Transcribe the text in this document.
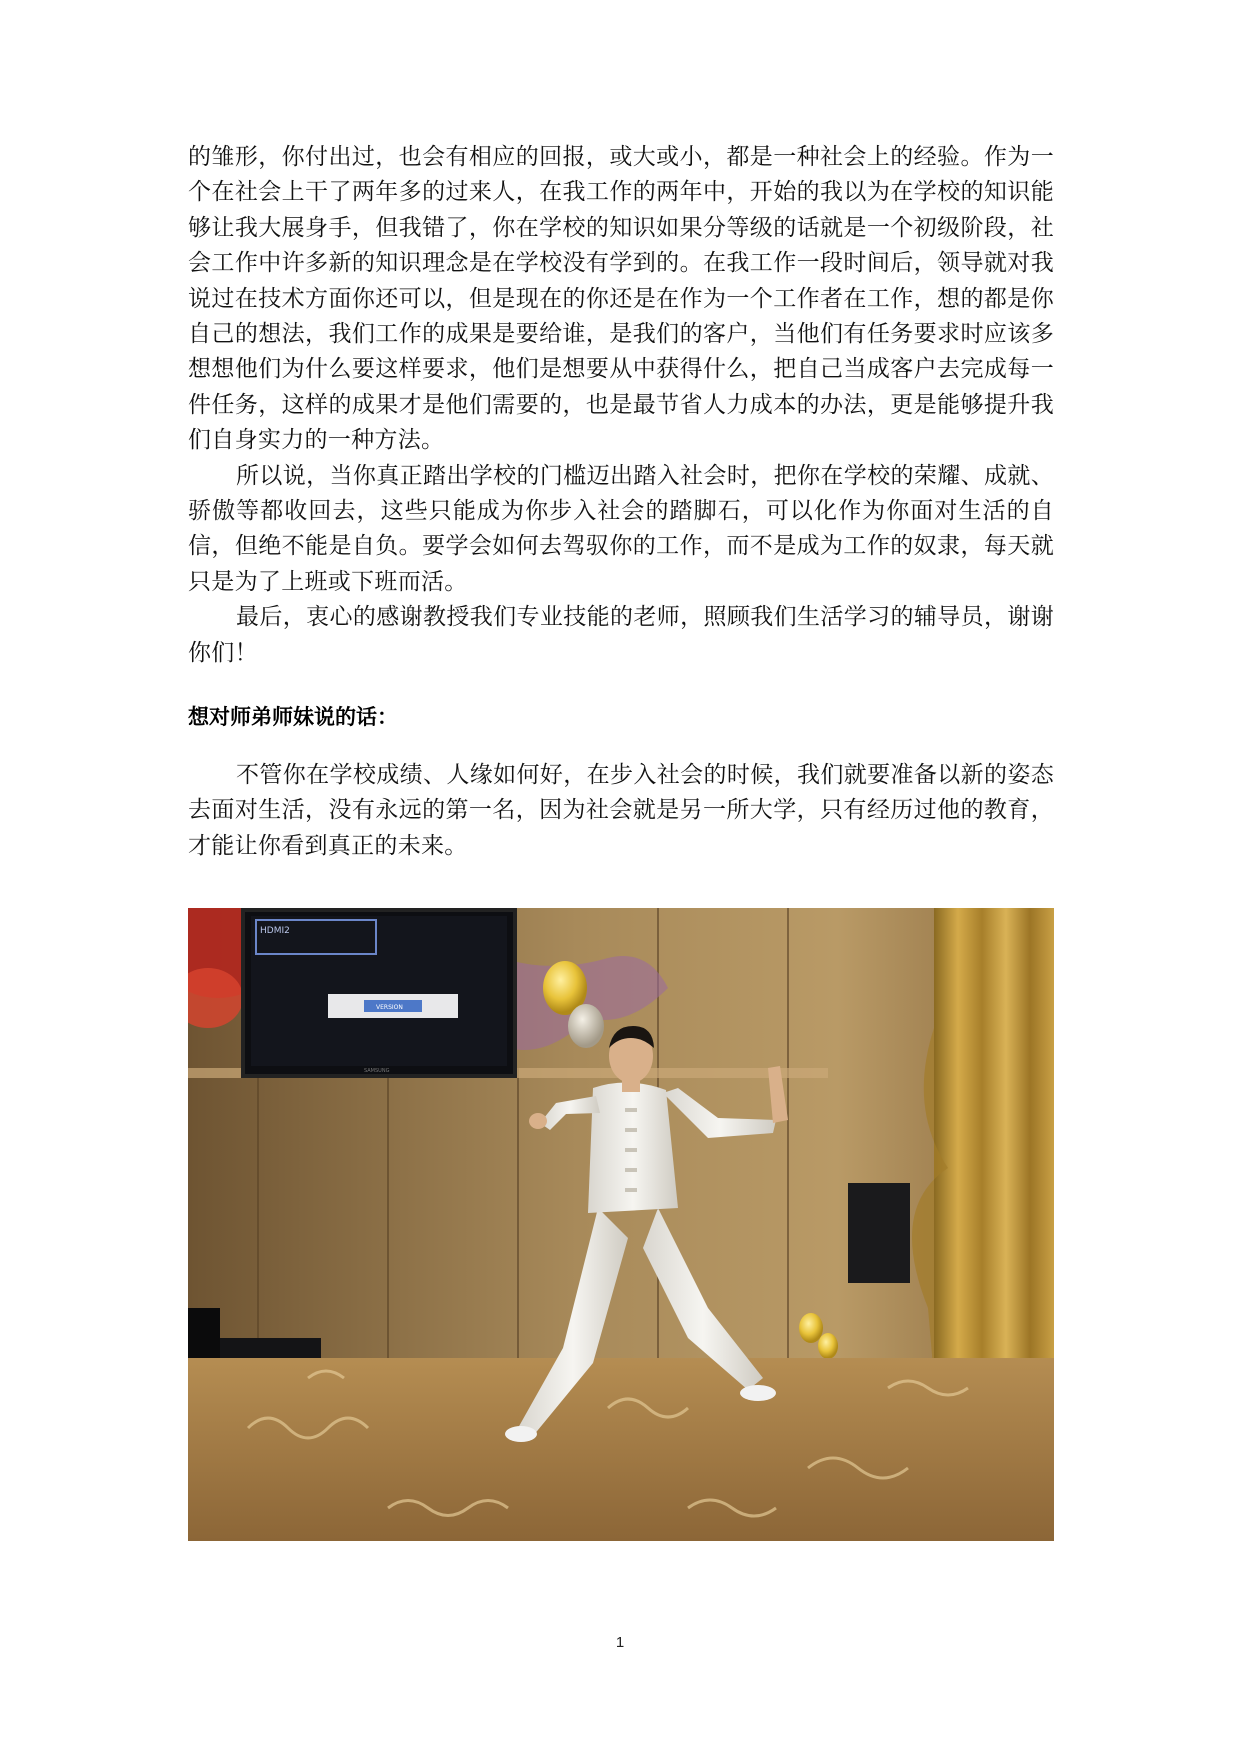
的雏形，你付出过，也会有相应的回报，或大或小，都是一种社会上的经验。作为一个在社会上干了两年多的过来人，在我工作的两年中，开始的我以为在学校的知识能够让我大展身手，但我错了，你在学校的知识如果分等级的话就是一个初级阶段，社会工作中许多新的知识理念是在学校没有学到的。在我工作一段时间后，领导就对我说过在技术方面你还可以，但是现在的你还是在作为一个工作者在工作，想的都是你自己的想法，我们工作的成果是要给谁，是我们的客户，当他们有任务要求时应该多想想他们为什么要这样要求，他们是想要从中获得什么，把自己当成客户去完成每一件任务，这样的成果才是他们需要的，也是最节省人力成本的办法，更是能够提升我们自身实力的一种方法。

所以说，当你真正踏出学校的门槛迈出踏入社会时，把你在学校的荣耀、成就、骄傲等都收回去，这些只能成为你步入社会的踏脚石，可以化作为你面对生活的自信，但绝不能是自负。要学会如何去驾驭你的工作，而不是成为工作的奴隶，每天就只是为了上班或下班而活。

最后，衷心的感谢教授我们专业技能的老师，照顾我们生活学习的辅导员，谢谢你们！

想对师弟师妹说的话：

不管你在学校成绩、人缘如何好，在步入社会的时候，我们就要准备以新的姿态去面对生活，没有永远的第一名，因为社会就是另一所大学，只有经历过他的教育，才能让你看到真正的未来。

HDMI2
VERSION
SAMSUNG
1
